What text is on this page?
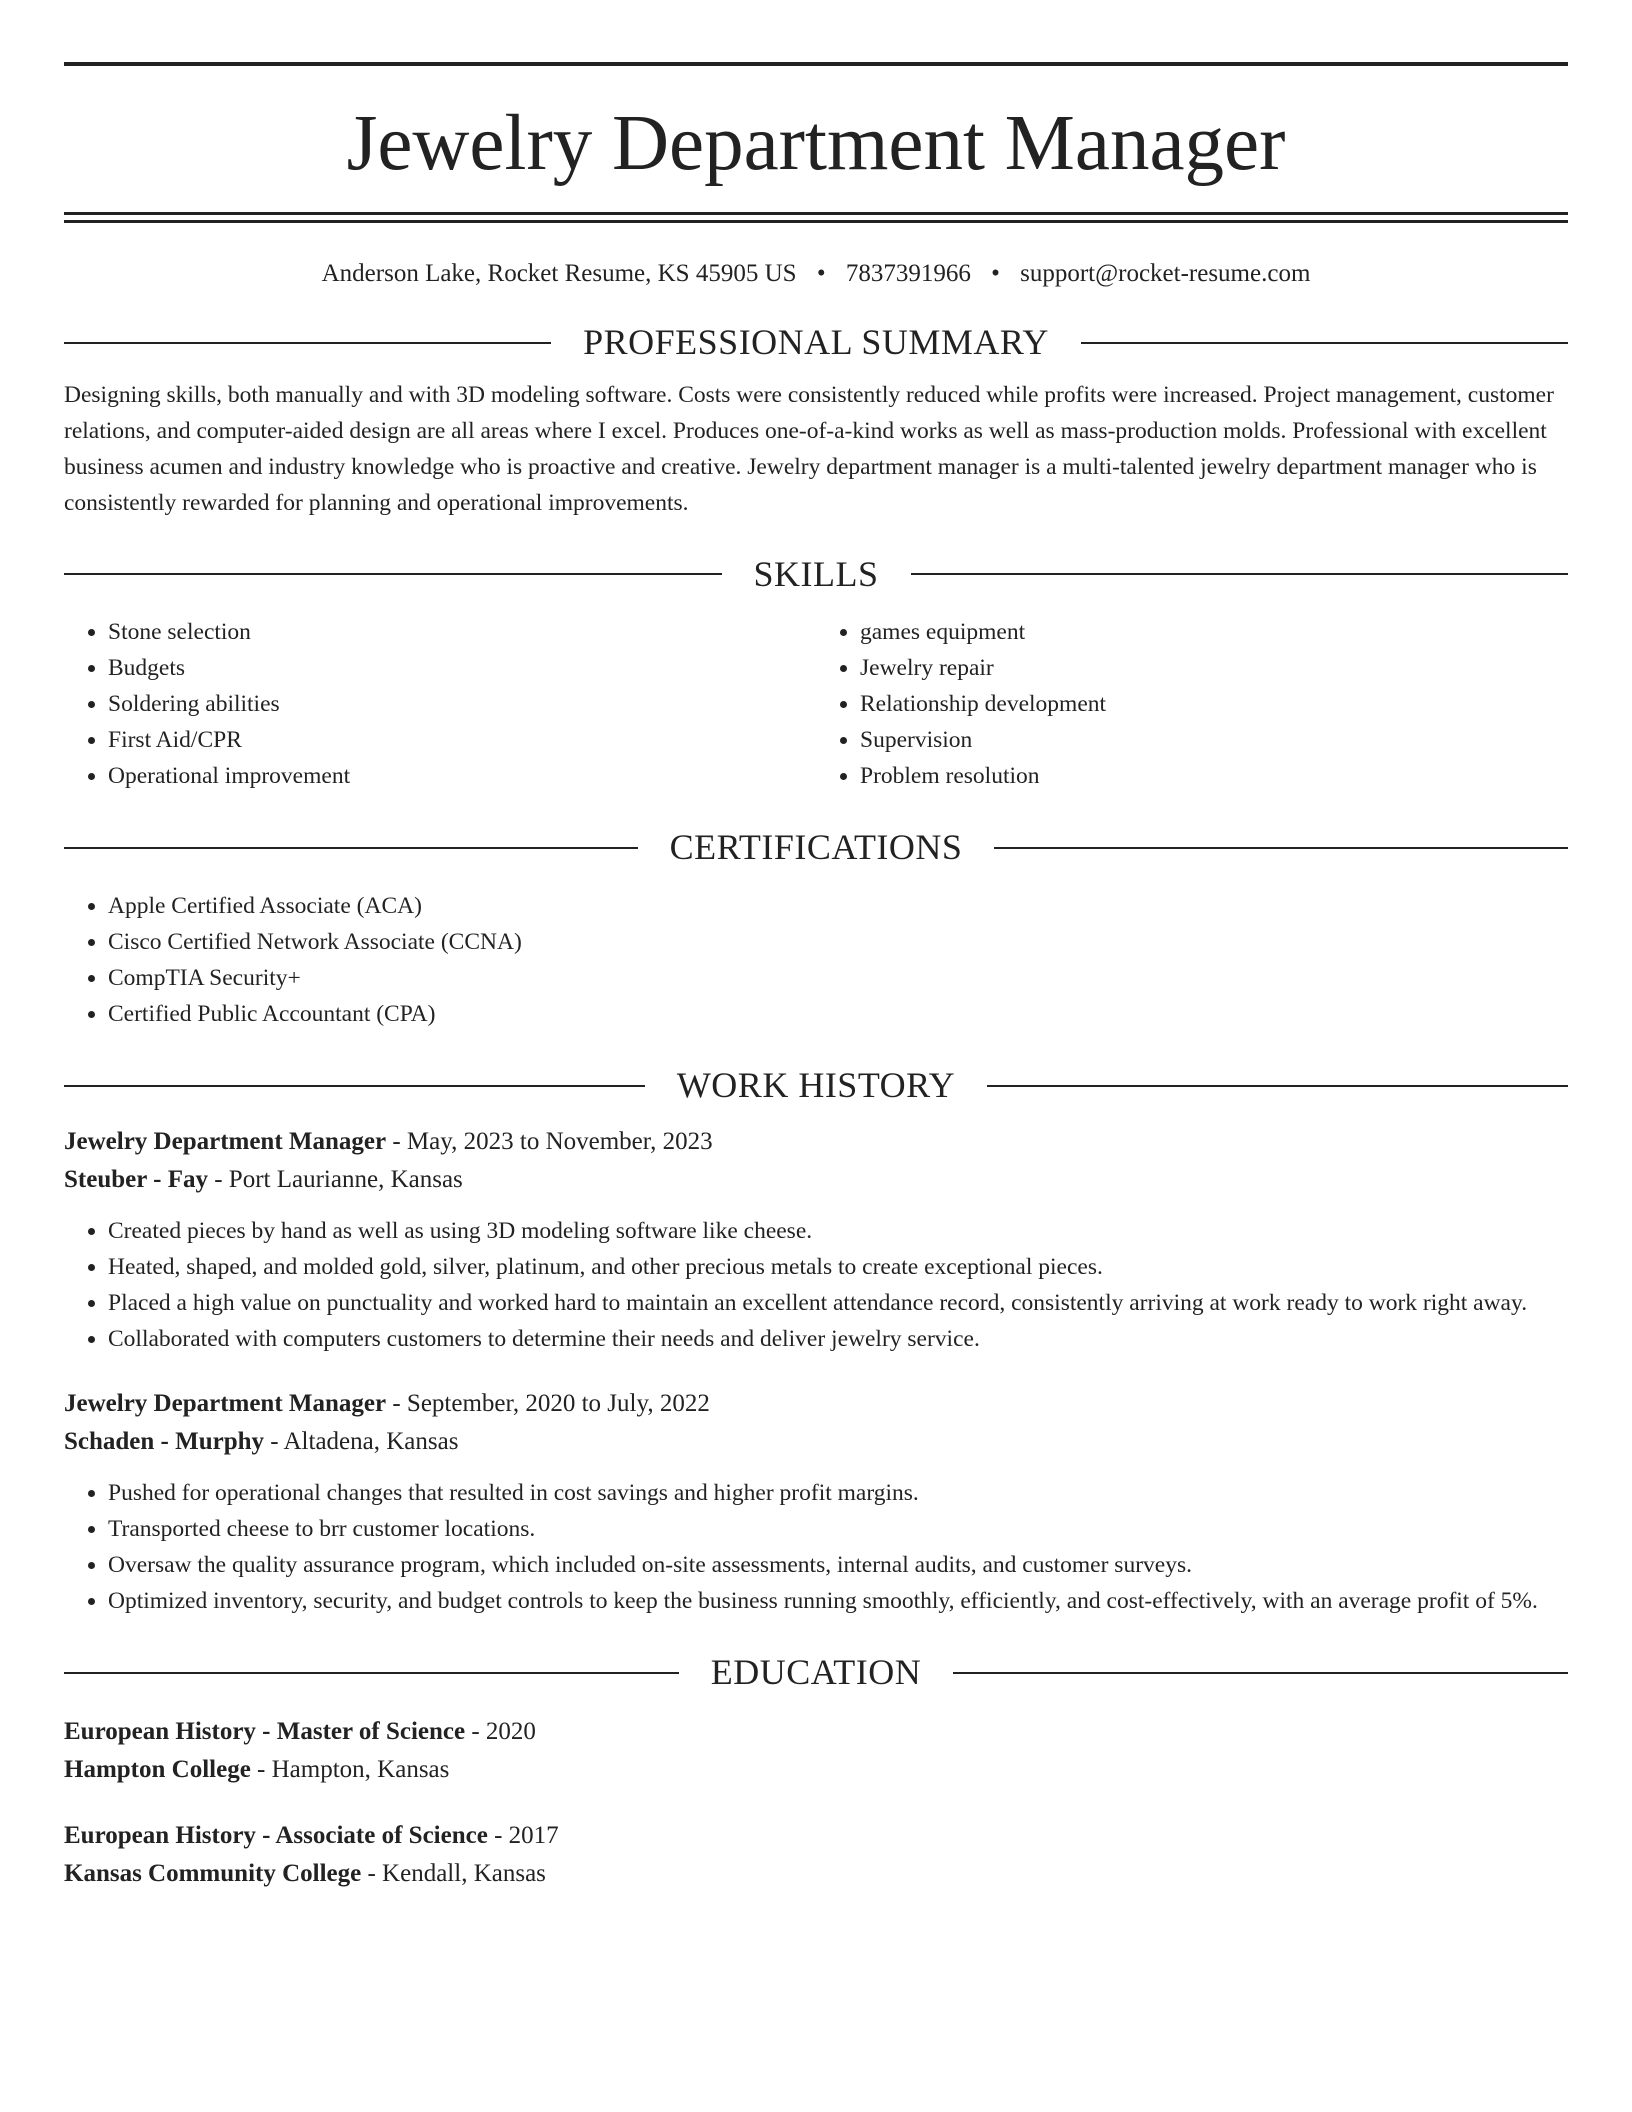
Jewelry Department Manager
Anderson Lake, Rocket Resume, KS 45905 US • 7837391966 • support@rocket-resume.com
PROFESSIONAL SUMMARY

Designing skills, both manually and with 3D modeling software. Costs were consistently reduced while profits were increased. Project management, customer relations, and computer-aided design are all areas where I excel. Produces one-of-a-kind works as well as mass-production molds. Professional with excellent business acumen and industry knowledge who is proactive and creative. Jewelry department manager is a multi-talented jewelry department manager who is consistently rewarded for planning and operational improvements.

SKILLS
• Stone selection
• Budgets
• Soldering abilities
• First Aid/CPR
• Operational improvement
• games equipment
• Jewelry repair
• Relationship development
• Supervision
• Problem resolution
CERTIFICATIONS
• Apple Certified Associate (ACA)
• Cisco Certified Network Associate (CCNA)
• CompTIA Security+
• Certified Public Accountant (CPA)
WORK HISTORY
Jewelry Department Manager - May, 2023 to November, 2023
Steuber - Fay - Port Laurianne, Kansas
• Created pieces by hand as well as using 3D modeling software like cheese.
• Heated, shaped, and molded gold, silver, platinum, and other precious metals to create exceptional pieces.
• Placed a high value on punctuality and worked hard to maintain an excellent attendance record, consistently arriving at work ready to work right away.
• Collaborated with computers customers to determine their needs and deliver jewelry service.
Jewelry Department Manager - September, 2020 to July, 2022
Schaden - Murphy - Altadena, Kansas
• Pushed for operational changes that resulted in cost savings and higher profit margins.
• Transported cheese to brr customer locations.
• Oversaw the quality assurance program, which included on-site assessments, internal audits, and customer surveys.
• Optimized inventory, security, and budget controls to keep the business running smoothly, efficiently, and cost-effectively, with an average profit of 5%.
EDUCATION
European History - Master of Science - 2020
Hampton College - Hampton, Kansas
European History - Associate of Science - 2017
Kansas Community College - Kendall, Kansas
